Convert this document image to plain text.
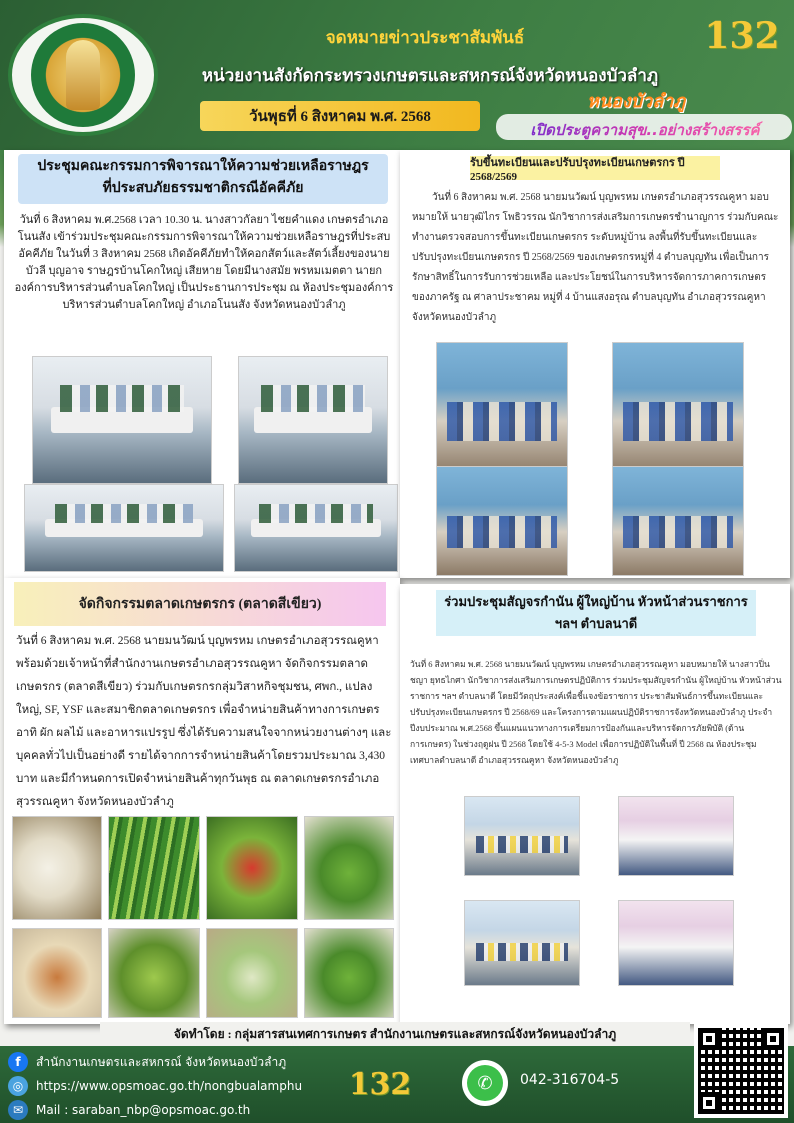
จดหมายข่าวประชาสัมพันธ์
หน่วยงานสังกัดกระทรวงเกษตรและสหกรณ์จังหวัดหนองบัวลำภู
วันพุธที่ 6 สิงหาคม พ.ศ. 2568
132
หนองบัวลำภู
เปิดประตูความสุข..อย่างสร้างสรรค์
ประชุมคณะกรรมการพิจารณาให้ความช่วยเหลือราษฎร
ที่ประสบภัยธรรมชาติกรณีอัคคีภัย
วันที่ 6 สิงหาคม พ.ศ.2568 เวลา 10.30 น. นางสาวกัลยา ไชยคำแดง เกษตรอำเภอโนนสัง เข้าร่วมประชุมคณะกรรมการพิจารณาให้ความช่วยเหลือราษฎรที่ประสบอัคคีภัย ในวันที่ 3 สิงหาคม 2568 เกิดอัคคีภัยทำให้คอกสัตว์และสัตว์เลี้ยงของนายบัวลี บุญอาจ ราษฎรบ้านโคกใหญ่ เสียหาย โดยมีนางสมัย พรหมเมตตา นายกองค์การบริหารส่วนตำบลโคกใหญ่ เป็นประธานการประชุม ณ ห้องประชุมองค์การบริหารส่วนตำบลโคกใหญ่ อำเภอโนนสัง จังหวัดหนองบัวลำภู
รับขึ้นทะเบียนและปรับปรุงทะเบียนเกษตรกร ปี 2568/2569
วันที่ 6 สิงหาคม พ.ศ. 2568 นายมนวัฒน์ บุญพรหม เกษตรอำเภอสุวรรณคูหา มอบหมายให้ นายวุฒิไกร โพธิวรรณ นักวิชาการส่งเสริมการเกษตรชำนาญการ ร่วมกับคณะทำงานตรวจสอบการขึ้นทะเบียนเกษตรกร ระดับหมู่บ้าน ลงพื้นที่รับขึ้นทะเบียนและปรับปรุงทะเบียนเกษตรกร ปี 2568/2569 ของเกษตรกรหมู่ที่ 4 ตำบลบุญทัน เพื่อเป็นการรักษาสิทธิ์ในการรับการช่วยเหลือ และประโยชน์ในการบริหารจัดการภาคการเกษตรของภาครัฐ ณ ศาลาประชาคม หมู่ที่ 4 บ้านแสงอรุณ ตำบลบุญทัน อำเภอสุวรรณคูหา จังหวัดหนองบัวลำภู
จัดกิจกรรมตลาดเกษตรกร (ตลาดสีเขียว)
วันที่ 6 สิงหาคม พ.ศ. 2568 นายมนวัฒน์ บุญพรหม เกษตรอำเภอสุวรรณคูหา พร้อมด้วยเจ้าหน้าที่สำนักงานเกษตรอำเภอสุวรรณคูหา จัดกิจกรรมตลาดเกษตรกร (ตลาดสีเขียว) ร่วมกับเกษตรกรกลุ่มวิสาหกิจชุมชน, ศพก., แปลงใหญ่, SF, YSF และสมาชิกตลาดเกษตรกร เพื่อจำหน่ายสินค้าทางการเกษตร อาทิ ผัก ผลไม้ และอาหารแปรรูป ซึ่งได้รับความสนใจจากหน่วยงานต่างๆ และบุคคลทั่วไปเป็นอย่างดี รายได้จากการจำหน่ายสินค้าโดยรวมประมาณ 3,430 บาท และมีกำหนดการเปิดจำหน่ายสินค้าทุกวันพุธ ณ ตลาดเกษตรกรอำเภอสุวรรณคูหา จังหวัดหนองบัวลำภู
ร่วมประชุมสัญจรกำนัน ผู้ใหญ่บ้าน หัวหน้าส่วนราชการ
ฯลฯ ตำบลนาดี
วันที่ 6 สิงหาคม พ.ศ. 2568 นายมนวัฒน์ บุญพรหม เกษตรอำเภอสุวรรณคูหา มอบหมายให้ นางสาวปิ่นชญา ยุทธไกศา นักวิชาการส่งเสริมการเกษตรปฏิบัติการ ร่วมประชุมสัญจรกำนัน ผู้ใหญ่บ้าน หัวหน้าส่วนราชการ ฯลฯ ตำบลนาดี โดยมีวัตถุประสงค์เพื่อชี้แจงข้อราชการ ประชาสัมพันธ์การขึ้นทะเบียนและปรับปรุงทะเบียนเกษตรกร ปี 2568/69 และโครงการตามแผนปฏิบัติราชการจังหวัดหนองบัวลำภู ประจำปีงบประมาณ พ.ศ.2568 ขึ้นแผนแนวทางการเตรียมการป้องกันและบริหารจัดการภัยพิบัติ (ด้านการเกษตร) ในช่วงฤดูฝน ปี 2568 โดยใช้ 4-5-3 Model เพื่อการปฏิบัติในพื้นที่ ปี 2568 ณ ห้องประชุมเทศบาลตำบลนาดี อำเภอสุวรรณคูหา จังหวัดหนองบัวลำภู
จัดทำโดย : กลุ่มสารสนเทศการเกษตร สำนักงานเกษตรและสหกรณ์จังหวัดหนองบัวลำภู
f	สำนักงานเกษตรและสหกรณ์ จังหวัดหนองบัวลำภู
◎	https://www.opsmoac.go.th/nongbualamphu
✉	Mail : saraban_nbp@opsmoac.go.th
132	✆	042-316704-5
